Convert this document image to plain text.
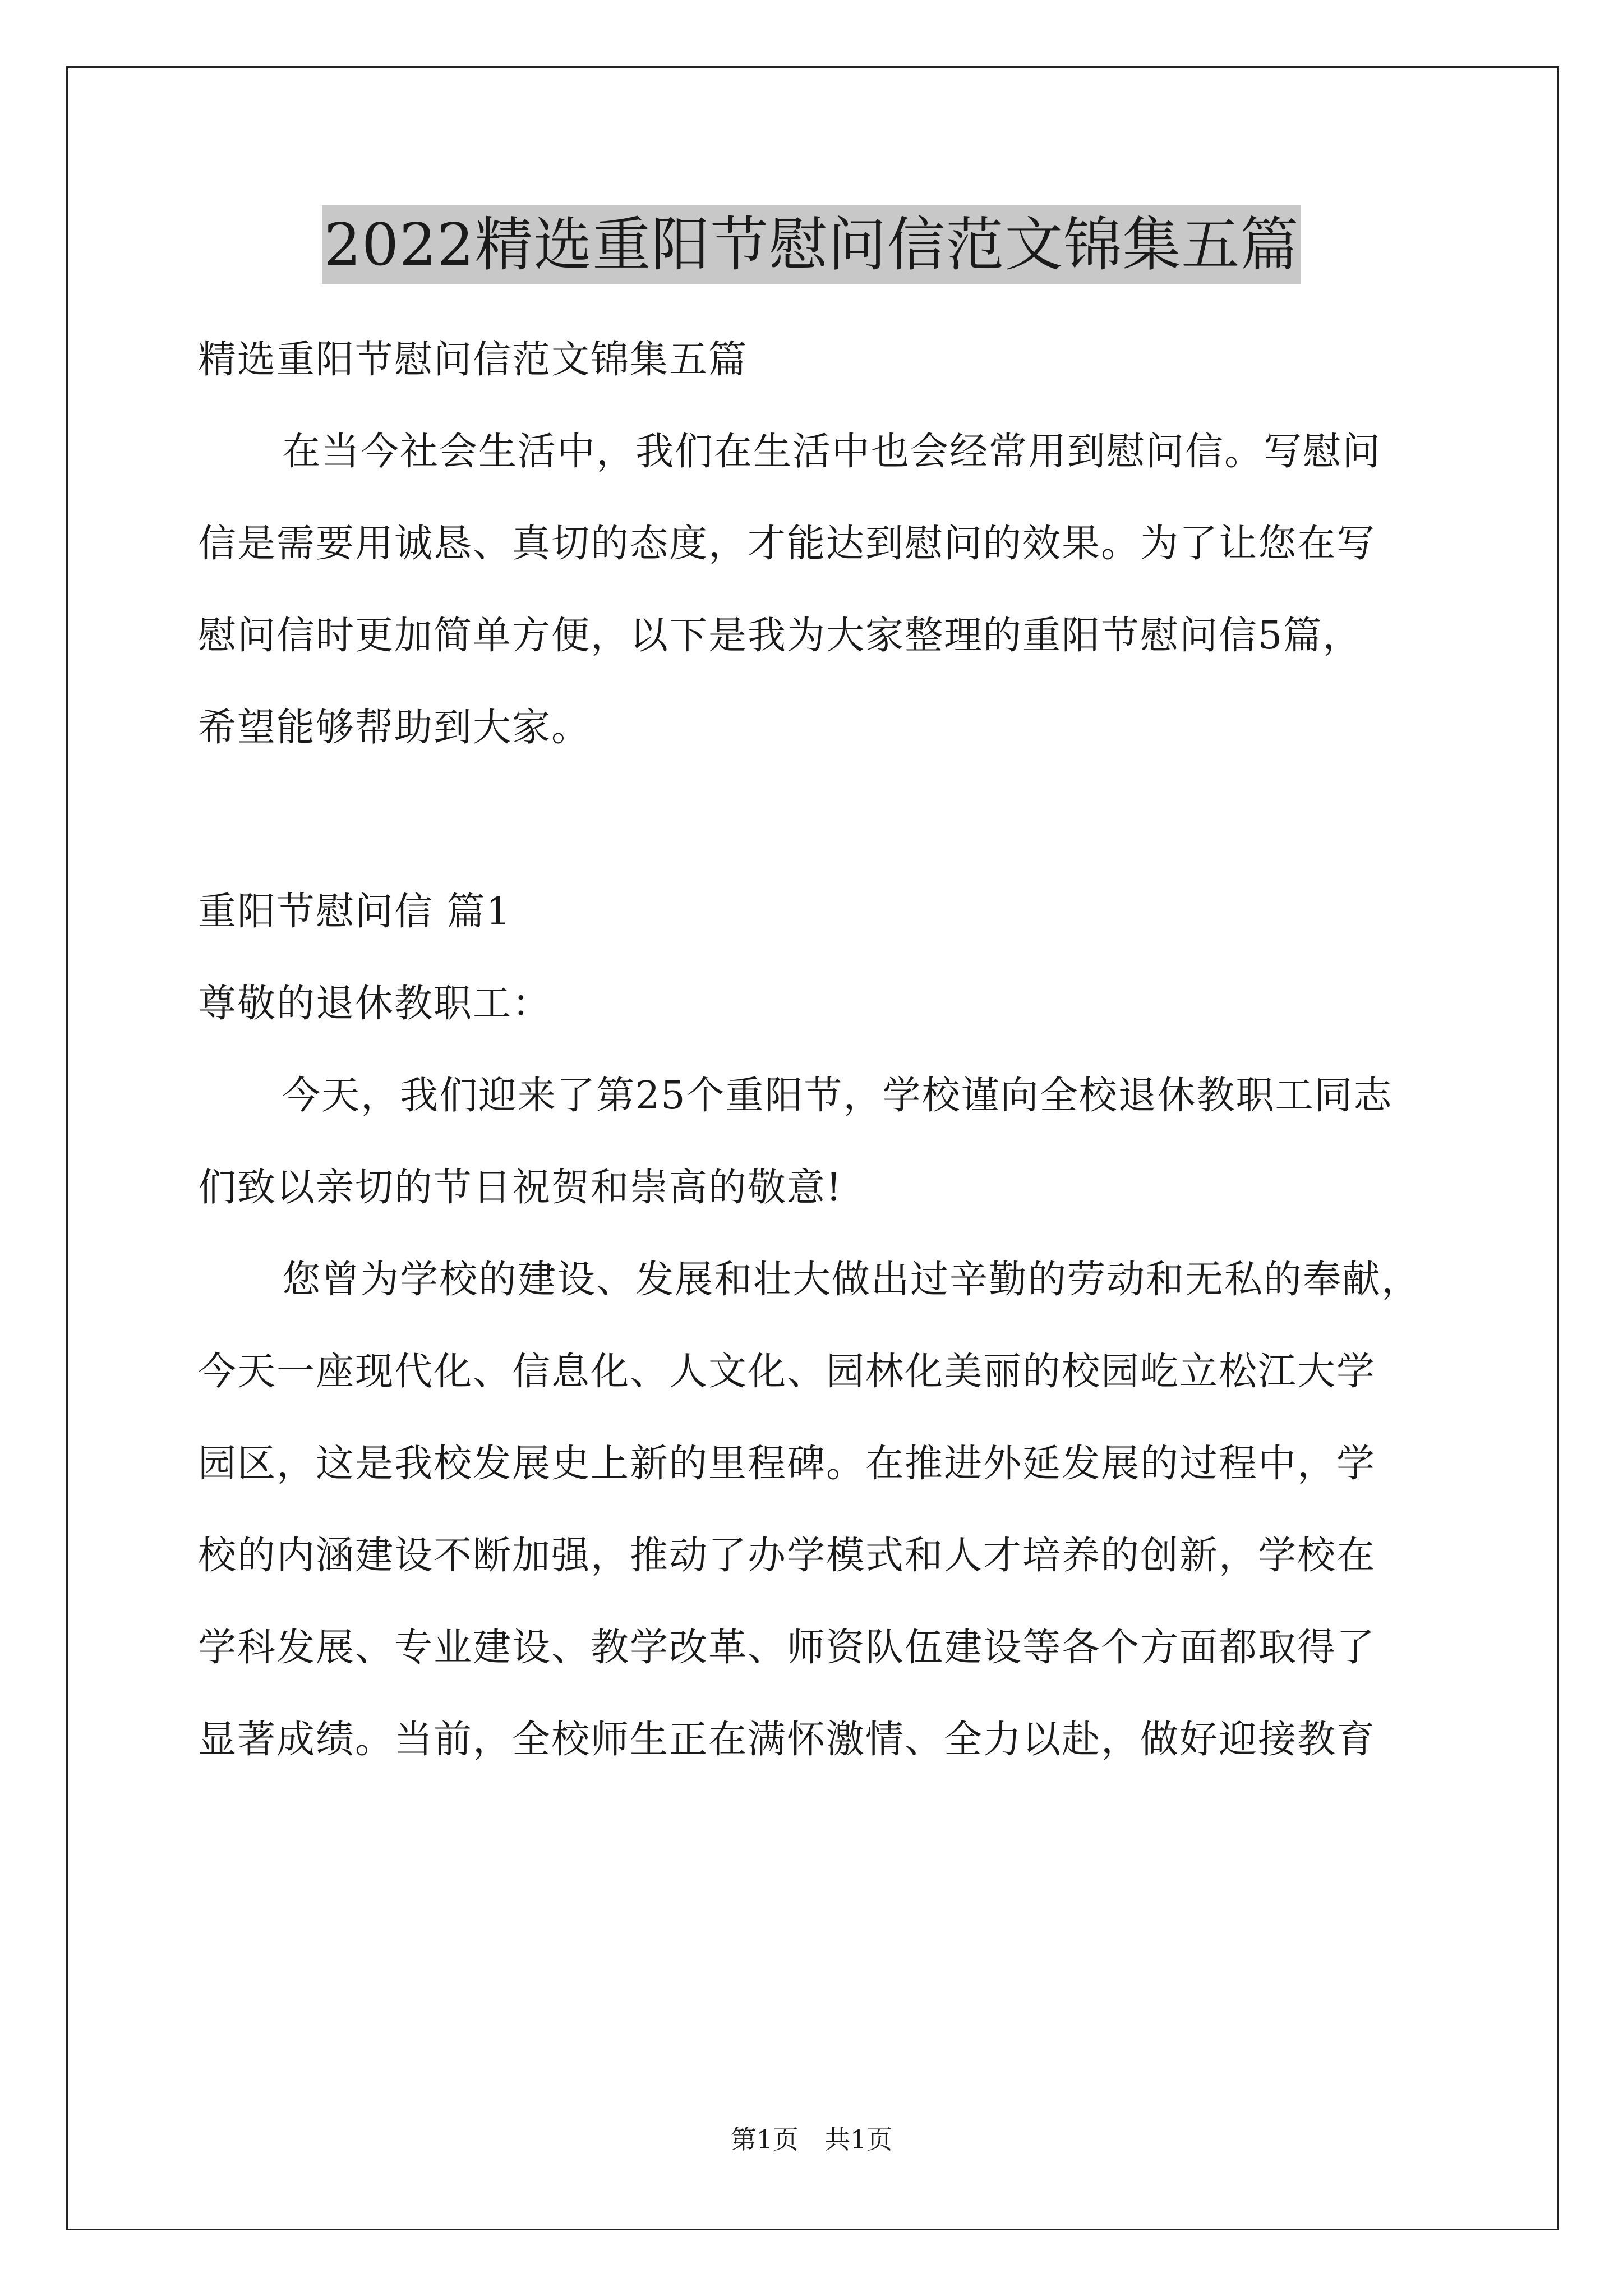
2022精选重阳节慰问信范文锦集五篇
精选重阳节慰问信范文锦集五篇
在当今社会生活中，我们在生活中也会经常用到慰问信。写慰问
信是需要用诚恳、真切的态度，才能达到慰问的效果。为了让您在写
慰问信时更加简单方便，以下是我为大家整理的重阳节慰问信5篇，
希望能够帮助到大家。
重阳节慰问信 篇1
尊敬的退休教职工：
今天，我们迎来了第25个重阳节，学校谨向全校退休教职工同志
们致以亲切的节日祝贺和崇高的敬意!
您曾为学校的建设、发展和壮大做出过辛勤的劳动和无私的奉献，
今天一座现代化、信息化、人文化、园林化美丽的校园屹立松江大学
园区，这是我校发展史上新的里程碑。在推进外延发展的过程中，学
校的内涵建设不断加强，推动了办学模式和人才培养的创新，学校在
学科发展、专业建设、教学改革、师资队伍建设等各个方面都取得了
显著成绩。当前，全校师生正在满怀激情、全力以赴，做好迎接教育
第1页　共1页
